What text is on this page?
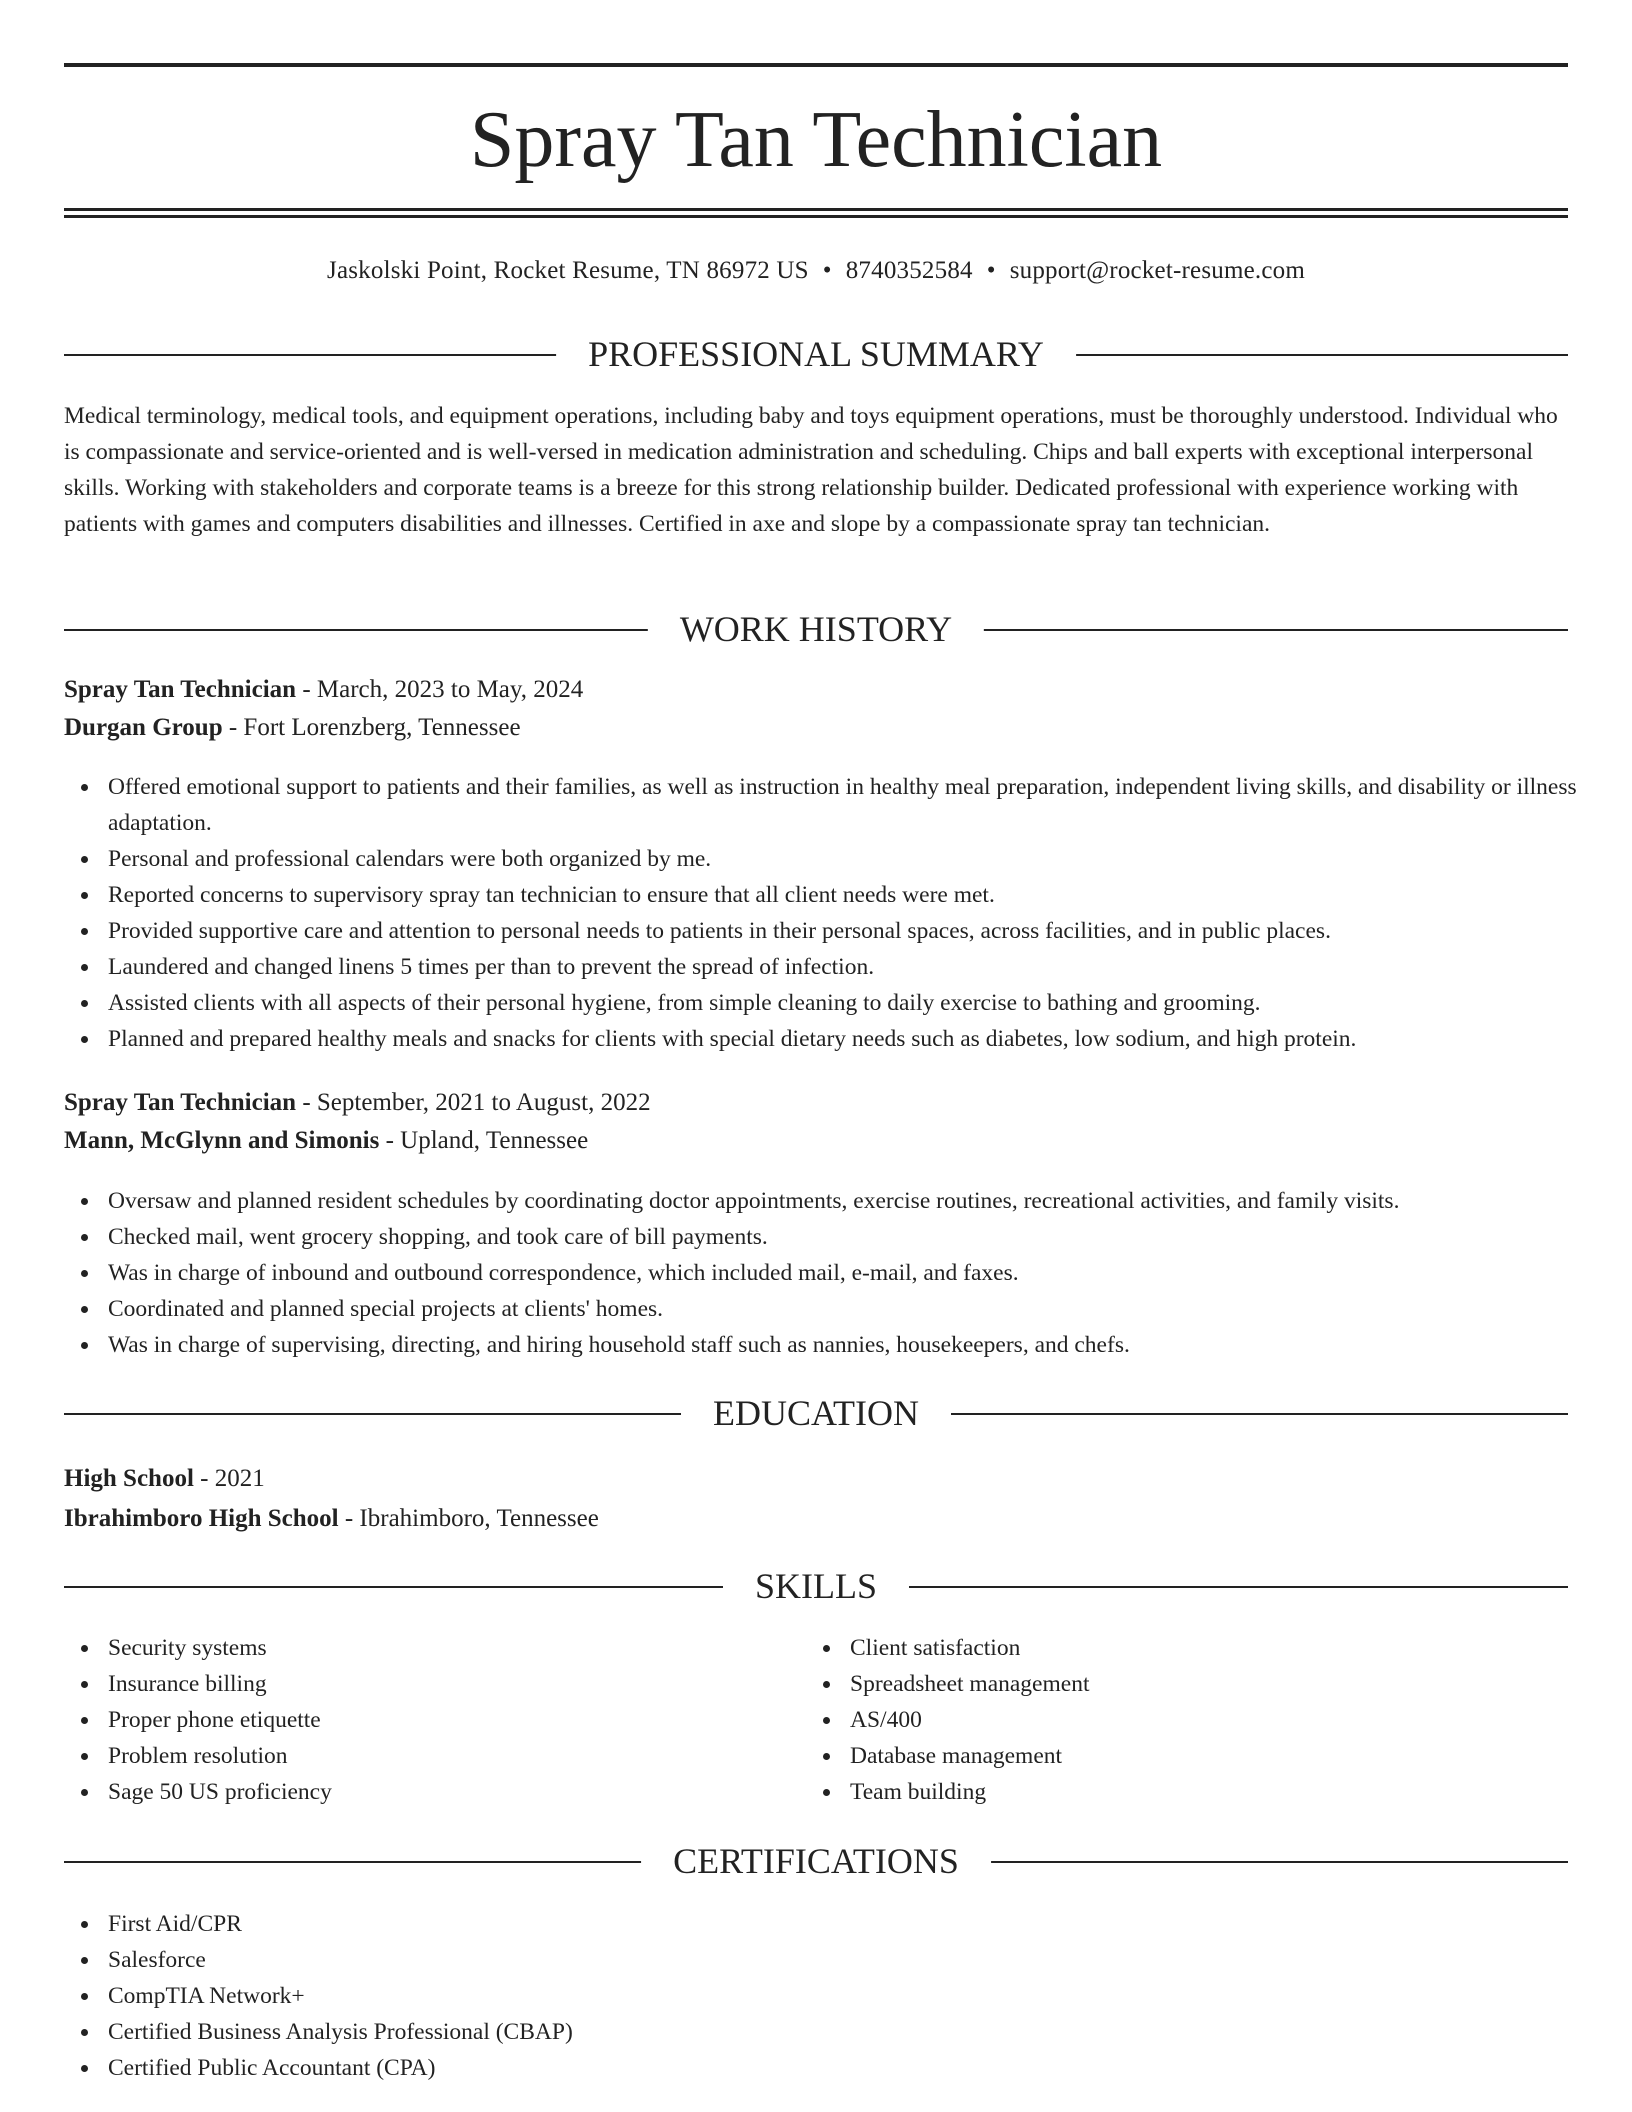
Spray Tan Technician
Jaskolski Point, Rocket Resume, TN 86972 US • 8740352584 • support@rocket-resume.com
PROFESSIONAL SUMMARY

Medical terminology, medical tools, and equipment operations, including baby and toys equipment operations, must be thoroughly understood. Individual who is compassionate and service-oriented and is well-versed in medication administration and scheduling. Chips and ball experts with exceptional interpersonal skills. Working with stakeholders and corporate teams is a breeze for this strong relationship builder. Dedicated professional with experience working with patients with games and computers disabilities and illnesses. Certified in axe and slope by a compassionate spray tan technician.

WORK HISTORY
Spray Tan Technician - March, 2023 to May, 2024
Durgan Group - Fort Lorenzberg, Tennessee
Offered emotional support to patients and their families, as well as instruction in healthy meal preparation, independent living skills, and disability or illness adaptation.
Personal and professional calendars were both organized by me.
Reported concerns to supervisory spray tan technician to ensure that all client needs were met.
Provided supportive care and attention to personal needs to patients in their personal spaces, across facilities, and in public places.
Laundered and changed linens 5 times per than to prevent the spread of infection.
Assisted clients with all aspects of their personal hygiene, from simple cleaning to daily exercise to bathing and grooming.
Planned and prepared healthy meals and snacks for clients with special dietary needs such as diabetes, low sodium, and high protein.
Spray Tan Technician - September, 2021 to August, 2022
Mann, McGlynn and Simonis - Upland, Tennessee
Oversaw and planned resident schedules by coordinating doctor appointments, exercise routines, recreational activities, and family visits.
Checked mail, went grocery shopping, and took care of bill payments.
Was in charge of inbound and outbound correspondence, which included mail, e-mail, and faxes.
Coordinated and planned special projects at clients' homes.
Was in charge of supervising, directing, and hiring household staff such as nannies, housekeepers, and chefs.
EDUCATION
High School - 2021
Ibrahimboro High School - Ibrahimboro, Tennessee
SKILLS
Security systems
Insurance billing
Proper phone etiquette
Problem resolution
Sage 50 US proficiency
Client satisfaction
Spreadsheet management
AS/400
Database management
Team building
CERTIFICATIONS
First Aid/CPR
Salesforce
CompTIA Network+
Certified Business Analysis Professional (CBAP)
Certified Public Accountant (CPA)
